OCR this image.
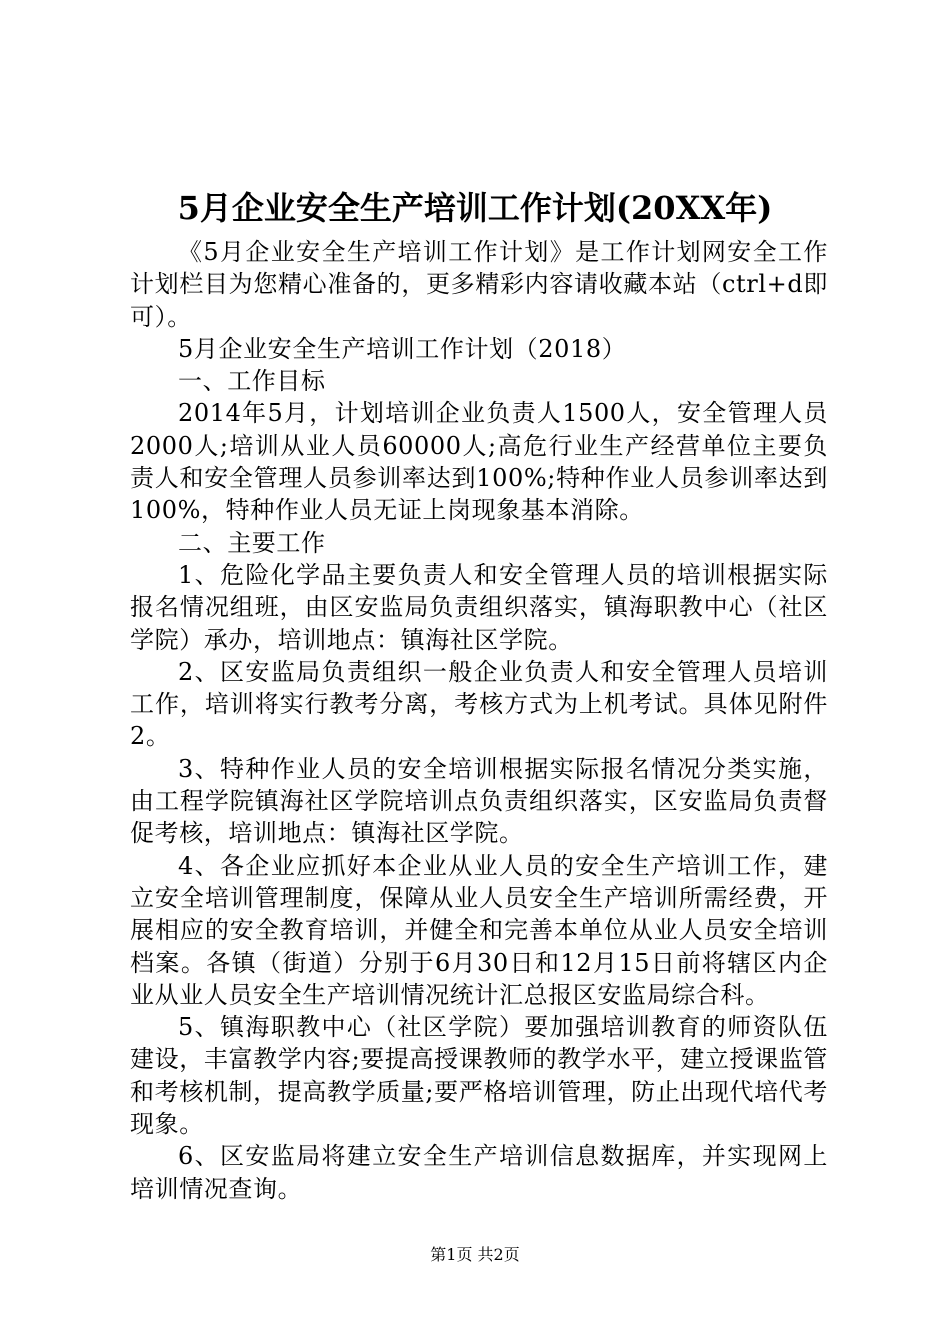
5月企业安全生产培训工作计划(20XX年)

《5月企业安全生产培训工作计划》是工作计划网安全工作计划栏目为您精心准备的，更多精彩内容请收藏本站（ctrl+d即可）。

5月企业安全生产培训工作计划（2018）

一、工作目标

2014年5月，计划培训企业负责人1500人，安全管理人员2000人;培训从业人员60000人;高危行业生产经营单位主要负责人和安全管理人员参训率达到100%;特种作业人员参训率达到100%，特种作业人员无证上岗现象基本消除。

二、主要工作

1、危险化学品主要负责人和安全管理人员的培训根据实际报名情况组班，由区安监局负责组织落实，镇海职教中心（社区学院）承办，培训地点：镇海社区学院。

2、区安监局负责组织一般企业负责人和安全管理人员培训工作，培训将实行教考分离，考核方式为上机考试。具体见附件2。

3、特种作业人员的安全培训根据实际报名情况分类实施，由工程学院镇海社区学院培训点负责组织落实，区安监局负责督促考核，培训地点：镇海社区学院。

4、各企业应抓好本企业从业人员的安全生产培训工作，建立安全培训管理制度，保障从业人员安全生产培训所需经费，开展相应的安全教育培训，并健全和完善本单位从业人员安全培训档案。各镇（街道）分别于6月30日和12月15日前将辖区内企业从业人员安全生产培训情况统计汇总报区安监局综合科。

5、镇海职教中心（社区学院）要加强培训教育的师资队伍建设，丰富教学内容;要提高授课教师的教学水平，建立授课监管和考核机制，提高教学质量;要严格培训管理，防止出现代培代考现象。

6、区安监局将建立安全生产培训信息数据库，并实现网上培训情况查询。

第1页 共2页
